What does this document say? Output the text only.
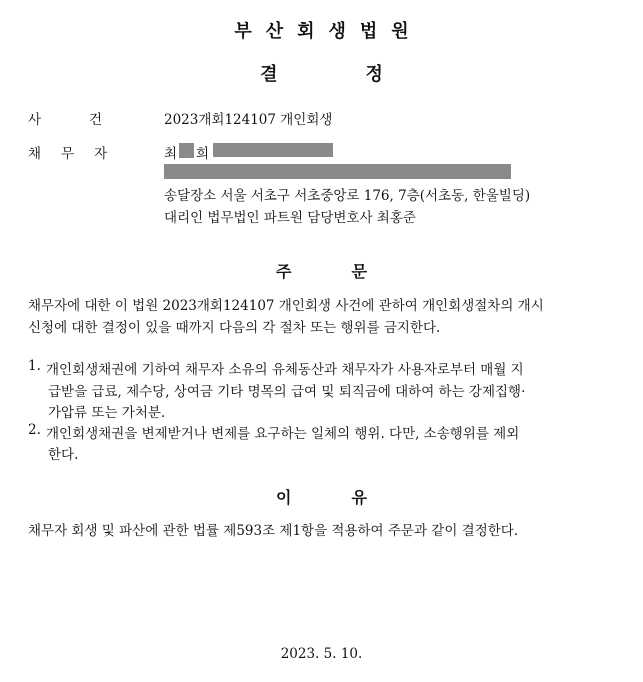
부산회생법원
결정
사건 2023개회124107 개인회생
채무자	최 희
송달장소 서울 서초구 서초중앙로 176, 7층(서초동, 한울빌딩)
대리인 법무법인 파트원 담당변호사 최홍준
주문
채무자에 대한 이 법원 2023개회124107 개인회생 사건에 관하여 개인회생절차의 개시
신청에 대한 결정이 있을 때까지 다음의 각 절차 또는 행위를 금지한다.
1. 개인회생채권에 기하여 채무자 소유의 유체동산과 채무자가 사용자로부터 매월 지
급받을 급료, 제수당, 상여금 기타 명목의 급여 및 퇴직금에 대하여 하는 강제집행·
가압류 또는 가처분.
2. 개인회생채권을 변제받거나 변제를 요구하는 일체의 행위. 다만, 소송행위를 제외
한다.
이유
채무자 회생 및 파산에 관한 법률 제593조 제1항을 적용하여 주문과 같이 결정한다.
2023. 5. 10.
